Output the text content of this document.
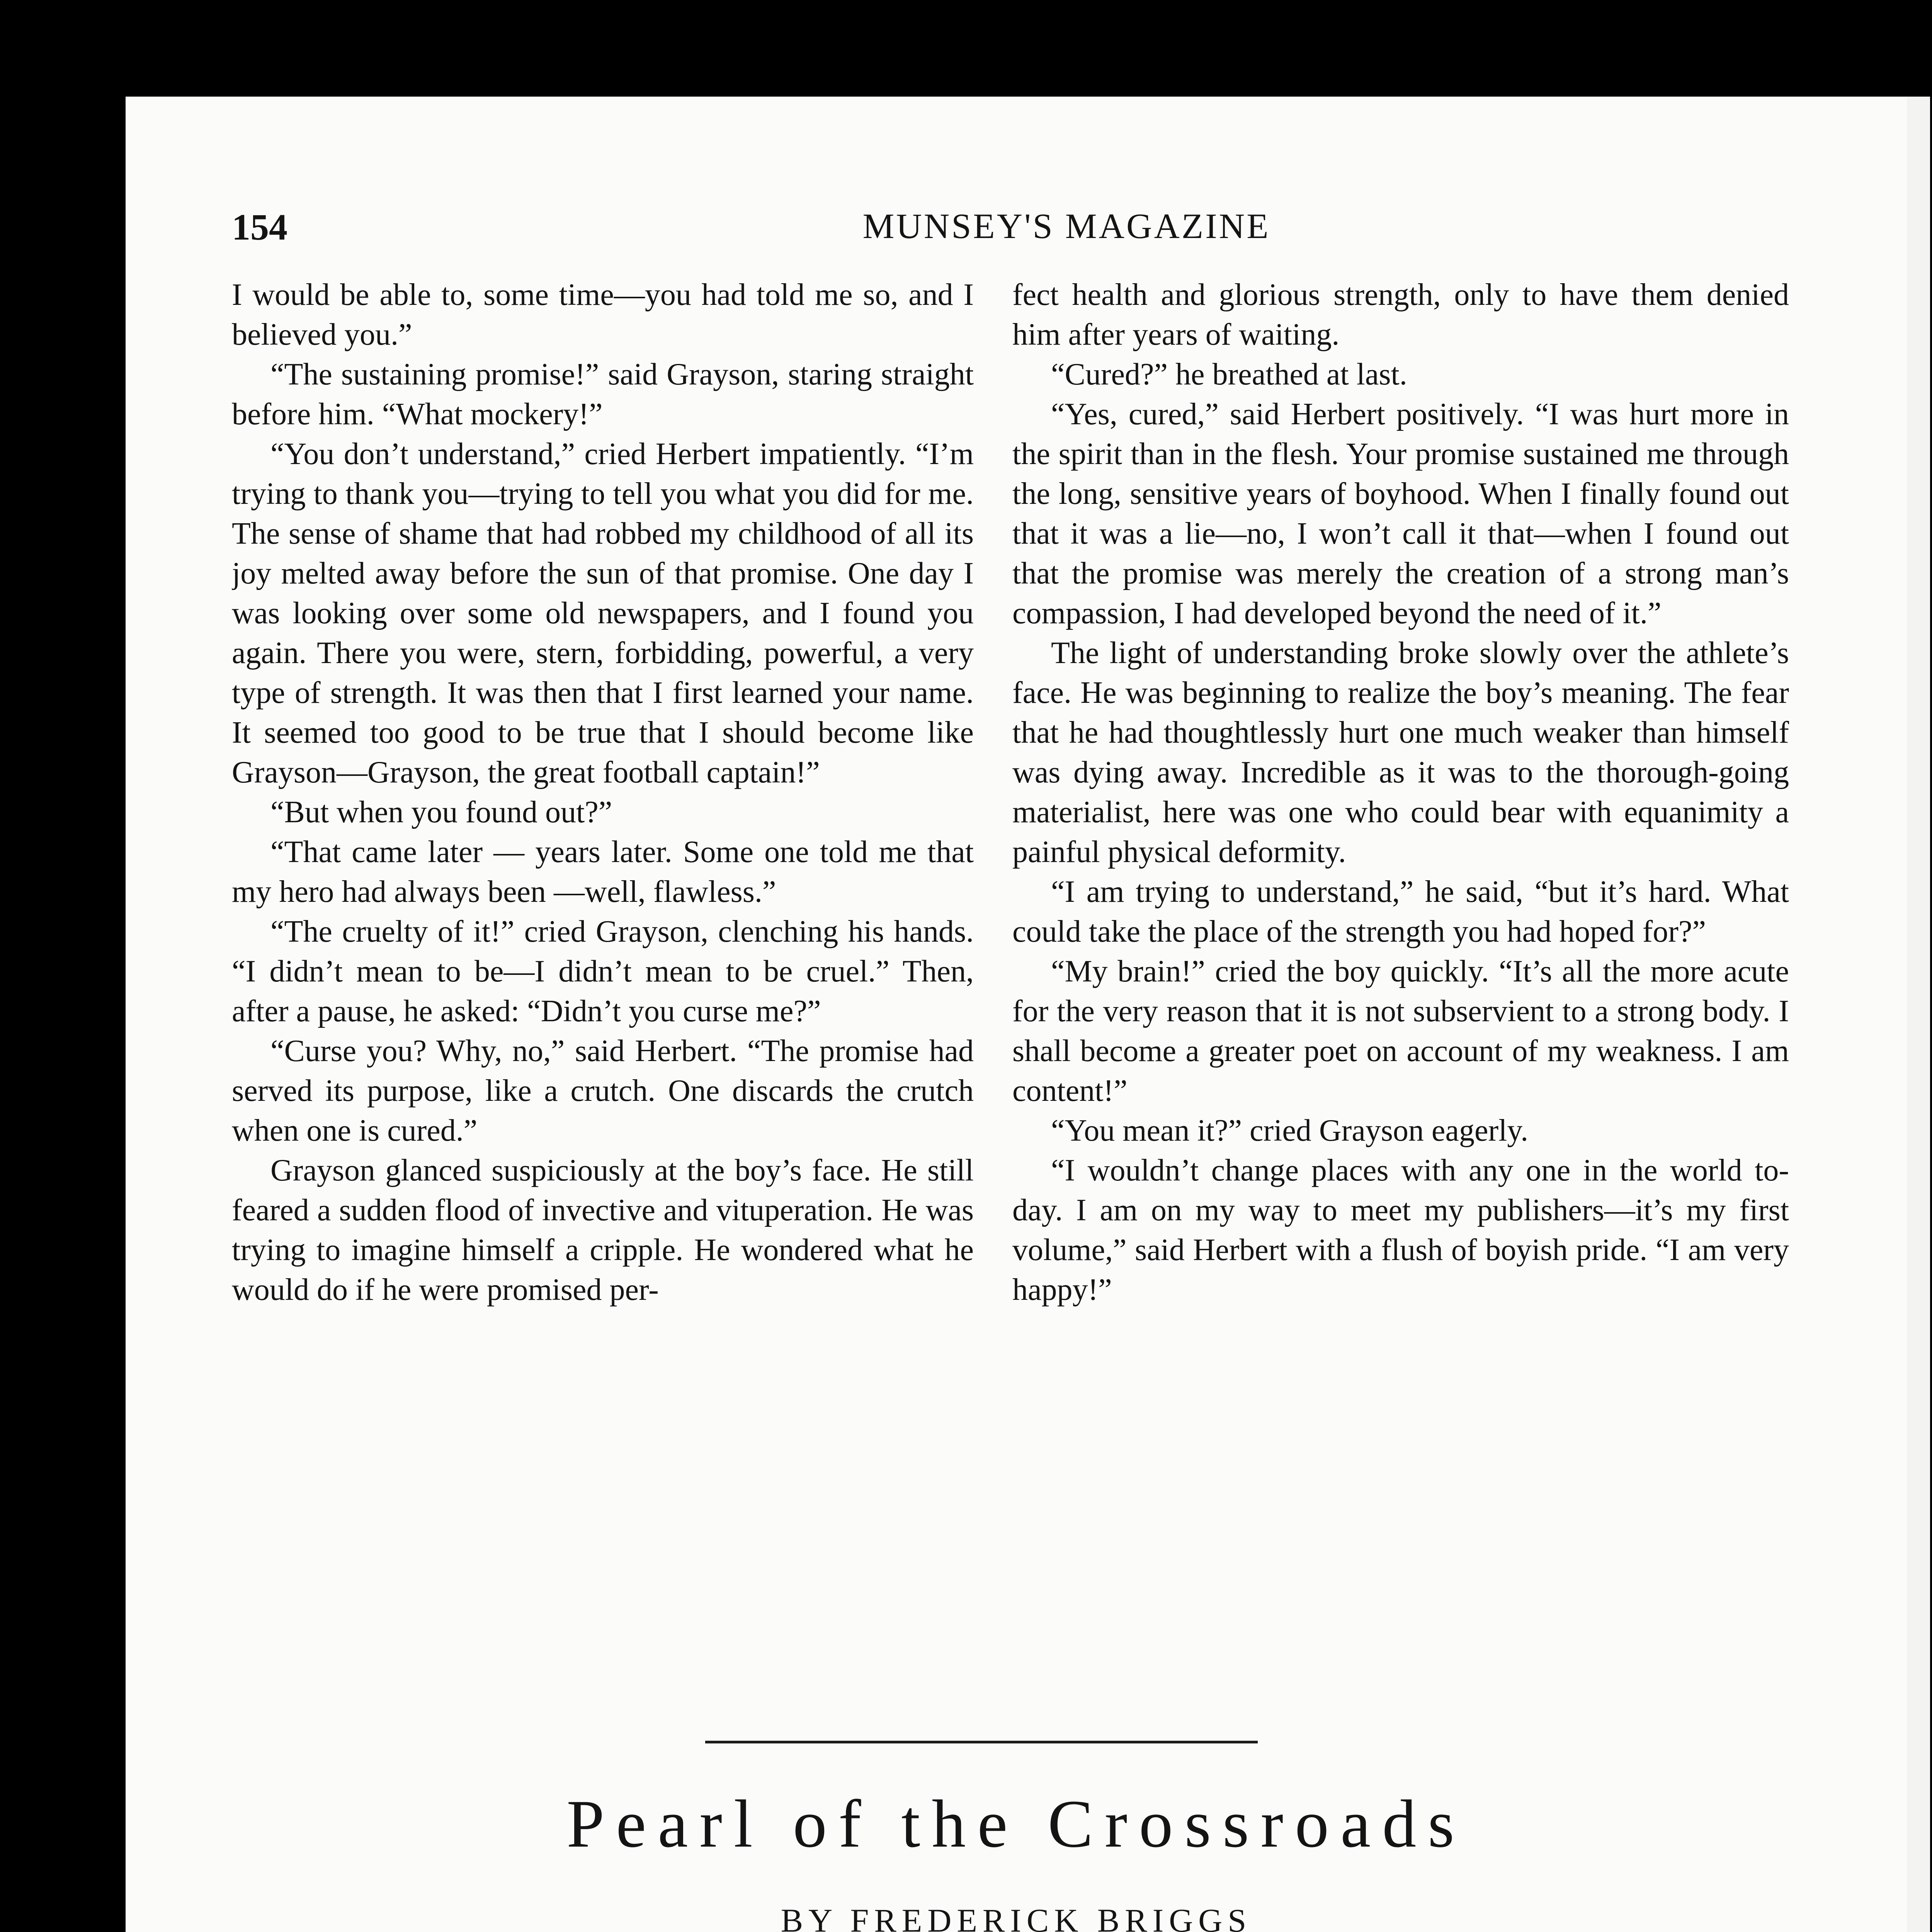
154	MUNSEY'S MAGAZINE

I would be able to, some time—you had told me so, and I believed you.”

“The sustaining promise!” said Grayson, staring straight before him. “What mockery!”

“You don’t understand,” cried Herbert impatiently. “I’m trying to thank you—trying to tell you what you did for me. The sense of shame that had robbed my childhood of all its joy melted away before the sun of that promise. One day I was looking over some old newspapers, and I found you again. There you were, stern, forbidding, powerful, a very type of strength. It was then that I first learned your name. It seemed too good to be true that I should become like Grayson—Grayson, the great football captain!”

“But when you found out?”

“That came later — years later. Some one told me that my hero had always been —well, flawless.”

“The cruelty of it!” cried Grayson, clenching his hands. “I didn’t mean to be—I didn’t mean to be cruel.” Then, after a pause, he asked: “Didn’t you curse me?”

“Curse you? Why, no,” said Herbert. “The promise had served its purpose, like a crutch. One discards the crutch when one is cured.”

Grayson glanced suspiciously at the boy’s face. He still feared a sudden flood of invective and vituperation. He was trying to imagine himself a cripple. He wondered what he would do if he were promised per-

fect health and glorious strength, only to have them denied him after years of waiting.

“Cured?” he breathed at last.

“Yes, cured,” said Herbert positively. “I was hurt more in the spirit than in the flesh. Your promise sustained me through the long, sensitive years of boyhood. When I finally found out that it was a lie—no, I won’t call it that—when I found out that the promise was merely the creation of a strong man’s compassion, I had developed beyond the need of it.”

The light of understanding broke slowly over the athlete’s face. He was beginning to realize the boy’s meaning. The fear that he had thoughtlessly hurt one much weaker than himself was dying away. Incredible as it was to the thorough-going materialist, here was one who could bear with equanimity a painful physical deformity.

“I am trying to understand,” he said, “but it’s hard. What could take the place of the strength you had hoped for?”

“My brain!” cried the boy quickly. “It’s all the more acute for the very reason that it is not subservient to a strong body. I shall become a greater poet on account of my weakness. I am content!”

“You mean it?” cried Grayson eagerly.

“I wouldn’t change places with any one in the world to-day. I am on my way to meet my publishers—it’s my first volume,” said Herbert with a flush of boyish pride. “I am very happy!”

Pearl of the Crossroads
BY FREDERICK BRIGGS
